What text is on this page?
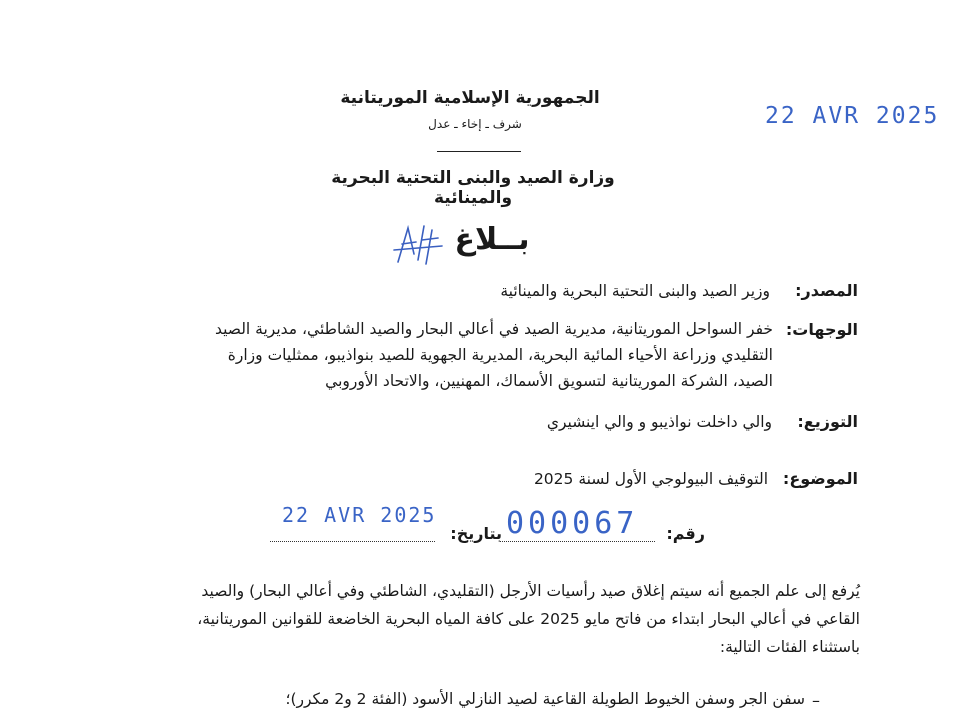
الجمهورية الإسلامية الموريتانية
شرف ـ إخاء ـ عدل
وزارة الصيد والبنى التحتية البحرية والمينائية
22 AVR 2025
بــلاغ
المصدر:
وزير الصيد والبنى التحتية البحرية والمينائية
الوجهات:
خفر السواحل الموريتانية، مديرية الصيد في أعالي البحار والصيد الشاطئي، مديرية الصيد
التقليدي وزراعة الأحياء المائية البحرية، المديرية الجهوية للصيد بنواذيبو، ممثليات وزارة
الصيد، الشركة الموريتانية لتسويق الأسماك، المهنيين، والاتحاد الأوروبي
التوزيع:
والي داخلت نواذيبو و والي اينشيري
الموضوع:
التوقيف البيولوجي الأول لسنة 2025
رقم:
000067
بتاريخ:
22 AVR 2025
يُرفع إلى علم الجميع أنه سيتم إغلاق صيد رأسيات الأرجل (التقليدي، الشاطئي وفي أعالي البحار) والصيد
القاعي في أعالي البحار ابتداء من فاتح مايو 2025 على كافة المياه البحرية الخاضعة للقوانين الموريتانية،
باستثناء الفئات التالية:
–
سفن الجر وسفن الخيوط الطويلة القاعية لصيد النازلي الأسود (الفئة 2 و2 مكرر)؛
